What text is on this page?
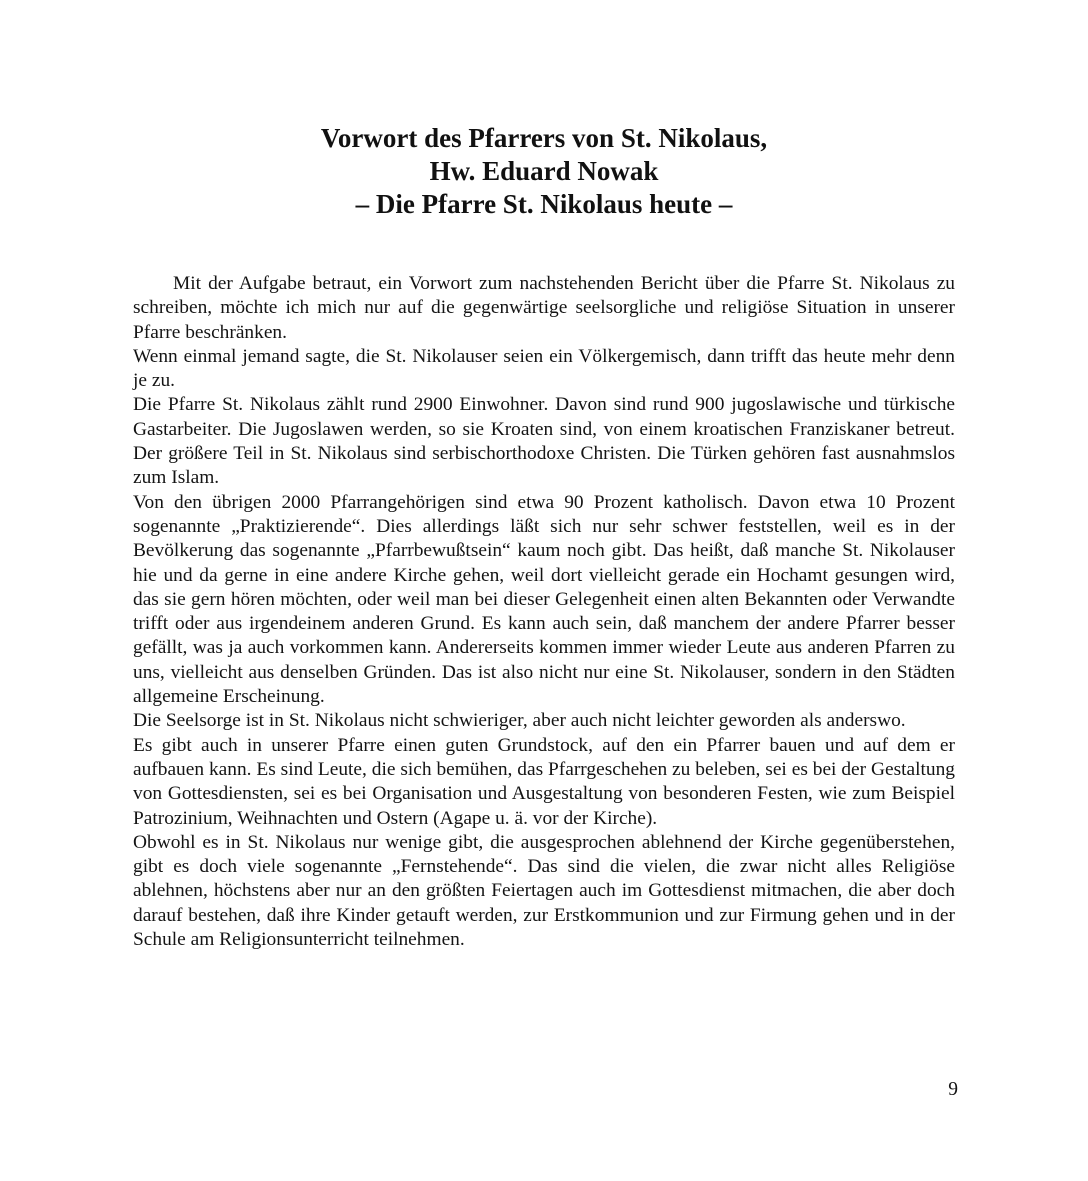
Vorwort des Pfarrers von St. Nikolaus,
Hw. Eduard Nowak
– Die Pfarre St. Nikolaus heute –

Mit der Aufgabe betraut, ein Vorwort zum nachstehenden Bericht über die Pfarre St. Nikolaus zu schreiben, möchte ich mich nur auf die gegenwärtige seelsorgliche und religiöse Situation in unserer Pfarre beschränken.

Wenn einmal jemand sagte, die St. Nikolauser seien ein Völkergemisch, dann trifft das heute mehr denn je zu.

Die Pfarre St. Nikolaus zählt rund 2900 Einwohner. Davon sind rund 900 jugoslawische und türkische Gastarbeiter. Die Jugoslawen werden, so sie Kroaten sind, von einem kroatischen Franziskaner betreut. Der größere Teil in St. Nikolaus sind serbischorthodoxe Christen. Die Türken gehören fast ausnahmslos zum Islam.

Von den übrigen 2000 Pfarrangehörigen sind etwa 90 Prozent katholisch. Davon etwa 10 Prozent sogenannte „Praktizierende“. Dies allerdings läßt sich nur sehr schwer feststellen, weil es in der Bevölkerung das sogenannte „Pfarrbewußtsein“ kaum noch gibt. Das heißt, daß manche St. Nikolauser hie und da gerne in eine andere Kirche gehen, weil dort vielleicht gerade ein Hochamt gesungen wird, das sie gern hören möchten, oder weil man bei dieser Gelegenheit einen alten Bekannten oder Verwandte trifft oder aus irgendeinem anderen Grund. Es kann auch sein, daß manchem der andere Pfarrer besser gefällt, was ja auch vorkommen kann. Andererseits kommen immer wieder Leute aus anderen Pfarren zu uns, vielleicht aus denselben Gründen. Das ist also nicht nur eine St. Nikolauser, sondern in den Städten allgemeine Erscheinung.

Die Seelsorge ist in St. Nikolaus nicht schwieriger, aber auch nicht leichter geworden als anderswo.

Es gibt auch in unserer Pfarre einen guten Grundstock, auf den ein Pfarrer bauen und auf dem er aufbauen kann. Es sind Leute, die sich bemühen, das Pfarrgeschehen zu beleben, sei es bei der Gestaltung von Gottesdiensten, sei es bei Organisation und Ausgestaltung von besonderen Festen, wie zum Beispiel Patrozinium, Weihnachten und Ostern (Agape u. ä. vor der Kirche).

Obwohl es in St. Nikolaus nur wenige gibt, die ausgesprochen ablehnend der Kirche gegenüberstehen, gibt es doch viele sogenannte „Fernstehende“. Das sind die vielen, die zwar nicht alles Religiöse ablehnen, höchstens aber nur an den größten Feiertagen auch im Gottesdienst mitmachen, die aber doch darauf bestehen, daß ihre Kinder getauft werden, zur Erstkommunion und zur Firmung gehen und in der Schule am Religionsunterricht teilnehmen.

9
